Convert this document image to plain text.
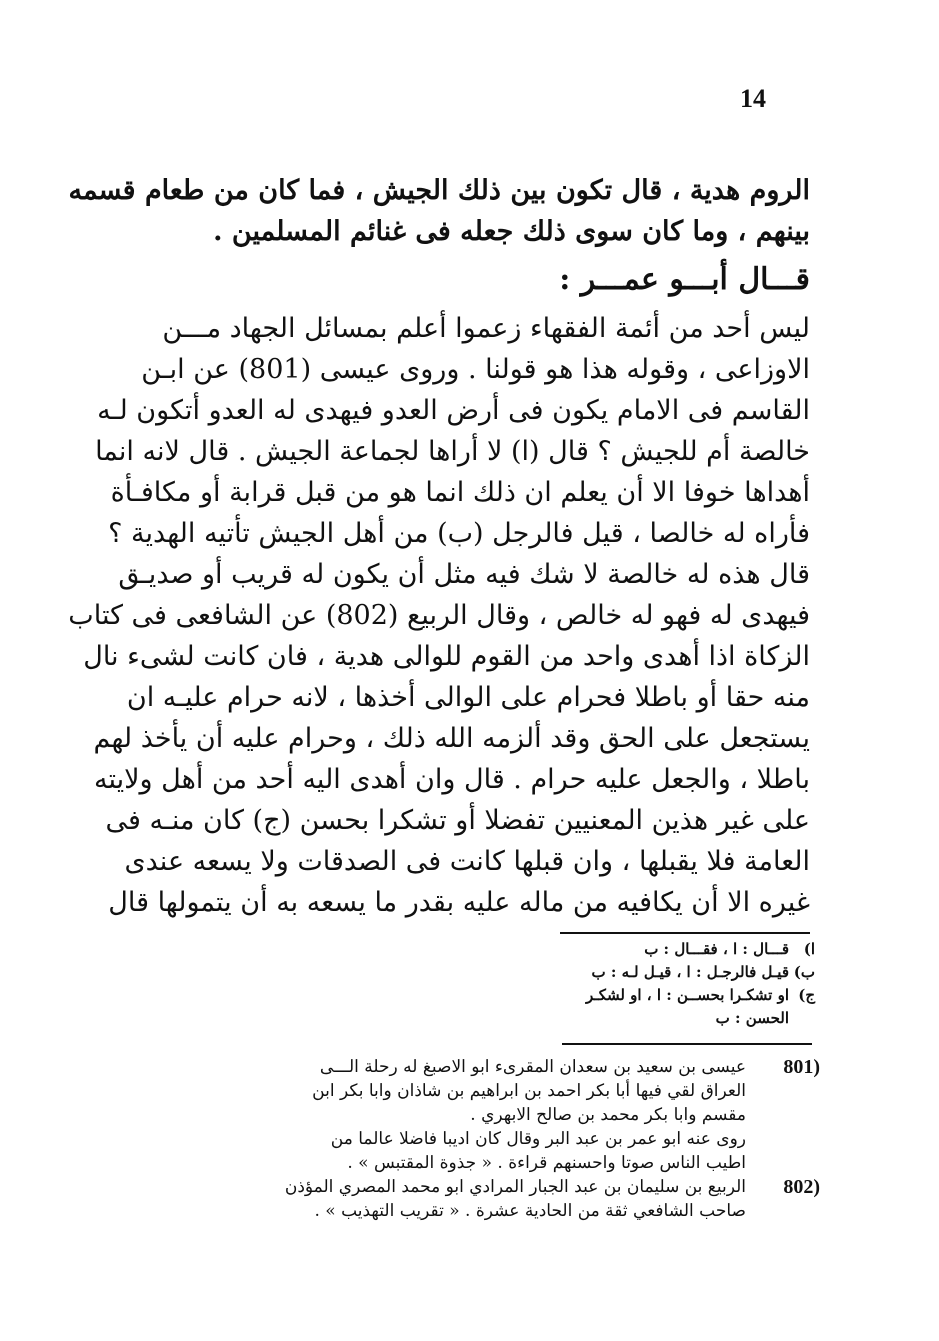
14
الروم هدية ، قال تكون بين ذلك الجيش ، فما كان من طعام قسمه
بينهم ، وما كان سوى ذلك جعله فى غنائم المسلمين .
قـــال أبـــو عمـــر :
ليس أحد من أئمة الفقهاء زعموا أعلم بمسائل الجهاد مـــن
الاوزاعى ، وقوله هذا هو قولنا . وروى عيسى (801) عن ابـن
القاسم فى الامام يكون فى أرض العدو فيهدى له العدو أتكون لـه
خالصة أم للجيش ؟ قال (ا) لا أراها لجماعة الجيش . قال لانه انما
أهداها خوفا الا أن يعلم ان ذلك انما هو من قبل قرابة أو مكافـأة
فأراه له خالصا ، قيل فالرجل (ب) من أهل الجيش تأتيه الهدية ؟
قال هذه له خالصة لا شك فيه مثل أن يكون له قريب أو صديـق
فيهدى له فهو له خالص ، وقال الربيع (802) عن الشافعى فى كتاب
الزكاة اذا أهدى واحد من القوم للوالى هدية ، فان كانت لشىء نال
منه حقا أو باطلا فحرام على الوالى أخذها ، لانه حرام عليـه ان
يستجعل على الحق وقد ألزمه الله ذلك ، وحرام عليه أن يأخذ لهم
باطلا ، والجعل عليه حرام . قال وان أهدى اليه أحد من أهل ولايته
على غير هذين المعنيين تفضلا أو تشكرا بحسن (ج) كان منـه فى
العامة فلا يقبلها ، وان قبلها كانت فى الصدقات ولا يسعه عندى
غيره الا أن يكافيه من ماله عليه بقدر ما يسعه به أن يتمولها قال
ا)
قـــال : ا ، فقـــال : ب
ب)
قيـل فالرجـل : ا ، قيـل لـه : ب
ج)
او تشكـرا بحســن : ا ، او لشكـر
الحسن : ب
801)
عيسى بن سعيد بن سعدان المقرىء ابو الاصبغ له رحلة الـــى
العراق لقي فيها أبا بكر احمد بن ابراهيم بن شاذان وابا بكر ابن
مقسم وابا بكر محمد بن صالح الابهري .
روى عنه ابو عمر بن عبد البر وقال كان اديبا فاضلا عالما من
اطيب الناس صوتا واحسنهم قراءة . « جذوة المقتبس » .
802)
الربيع بن سليمان بن عبد الجبار المرادي ابو محمد المصري المؤذن
صاحب الشافعي ثقة من الحادية عشرة . « تقريب التهذيب » .
